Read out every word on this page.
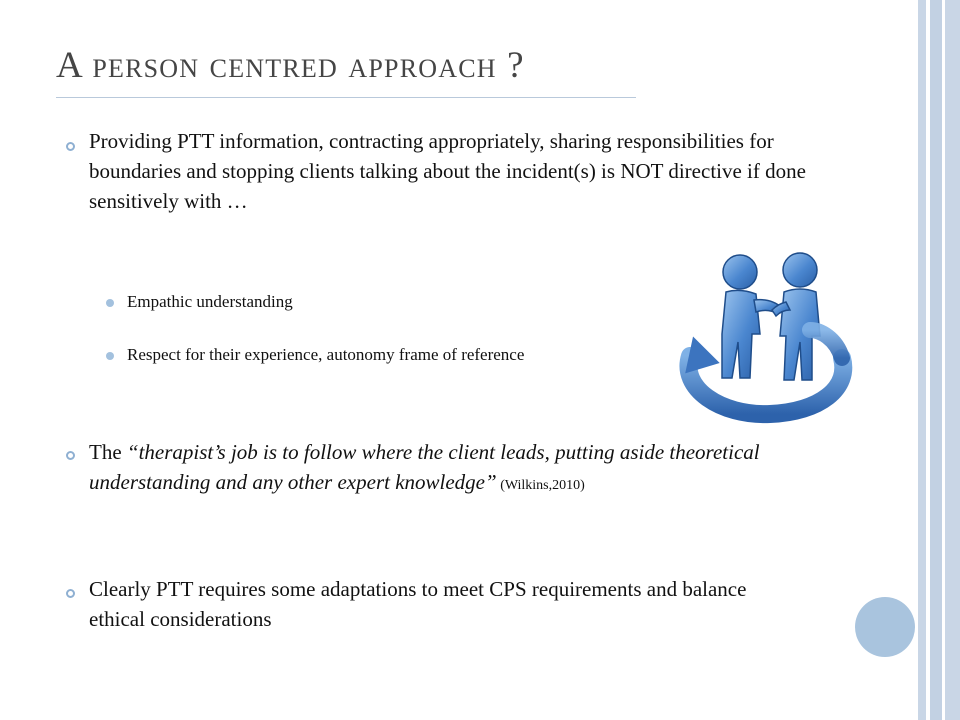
A person centred approach ?

Providing PTT information, contracting appropriately, sharing responsibilities for boundaries and stopping clients talking about the incident(s) is NOT directive if done sensitively with …

Empathic understanding

Respect for their experience, autonomy frame of reference

The “therapist’s job is to follow where the client leads, putting aside theoretical understanding and any other expert knowledge” (Wilkins,2010)

Clearly PTT requires some adaptations to meet CPS requirements and balance ethical considerations
